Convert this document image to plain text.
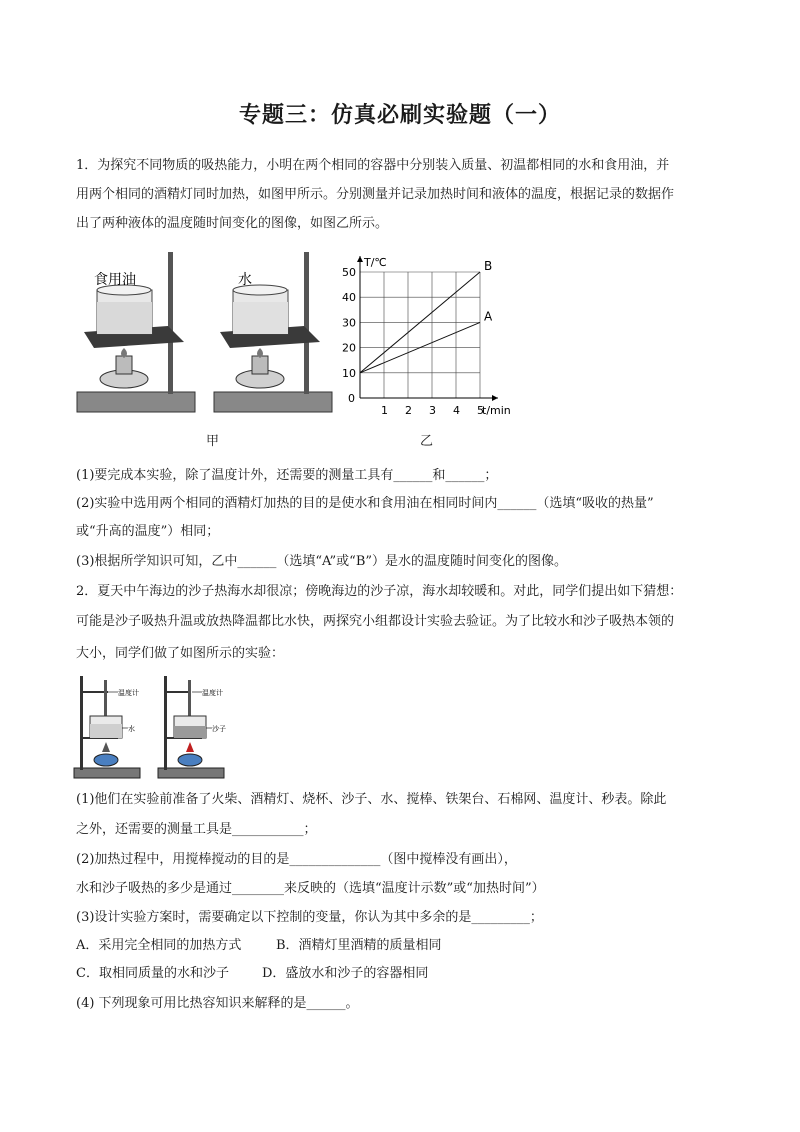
专题三：仿真必刷实验题（一）
1．为探究不同物质的吸热能力，小明在两个相同的容器中分别装入质量、初温都相同的水和食用油，并
用两个相同的酒精灯同时加热，如图甲所示。分别测量并记录加热时间和液体的温度，根据记录的数据作
出了两种液体的温度随时间变化的图像，如图乙所示。
食用油	水
甲
0
1 2 3 4 5
10
20
30
40
50
t/min
T/℃	B
A
乙
(1)要完成本实验，除了温度计外，还需要的测量工具有______和______；
(2)实验中选用两个相同的酒精灯加热的目的是使水和食用油在相同时间内______（选填“吸收的热量”
或“升高的温度”）相同；
(3)根据所学知识可知，乙中______（选填“A”或“B”）是水的温度随时间变化的图像。
2．夏天中午海边的沙子热海水却很凉；傍晚海边的沙子凉，海水却较暖和。对此，同学们提出如下猜想：
可能是沙子吸热升温或放热降温都比水快，两探究小组都设计实验去验证。为了比较水和沙子吸热本领的
大小，同学们做了如图所示的实验：
温度计
水
温度计
沙子
(1)他们在实验前准备了火柴、酒精灯、烧杯、沙子、水、搅棒、铁架台、石棉网、温度计、秒表。除此
之外，还需要的测量工具是___________；
(2)加热过程中，用搅棒搅动的目的是______________（图中搅棒没有画出），
水和沙子吸热的多少是通过________来反映的（选填“温度计示数”或“加热时间”）
(3)设计实验方案时，需要确定以下控制的变量，你认为其中多余的是_________；
A．采用完全相同的加热方式	B．酒精灯里酒精的质量相同
C．取相同质量的水和沙子	D．盛放水和沙子的容器相同
(4) 下列现象可用比热容知识来解释的是______。
